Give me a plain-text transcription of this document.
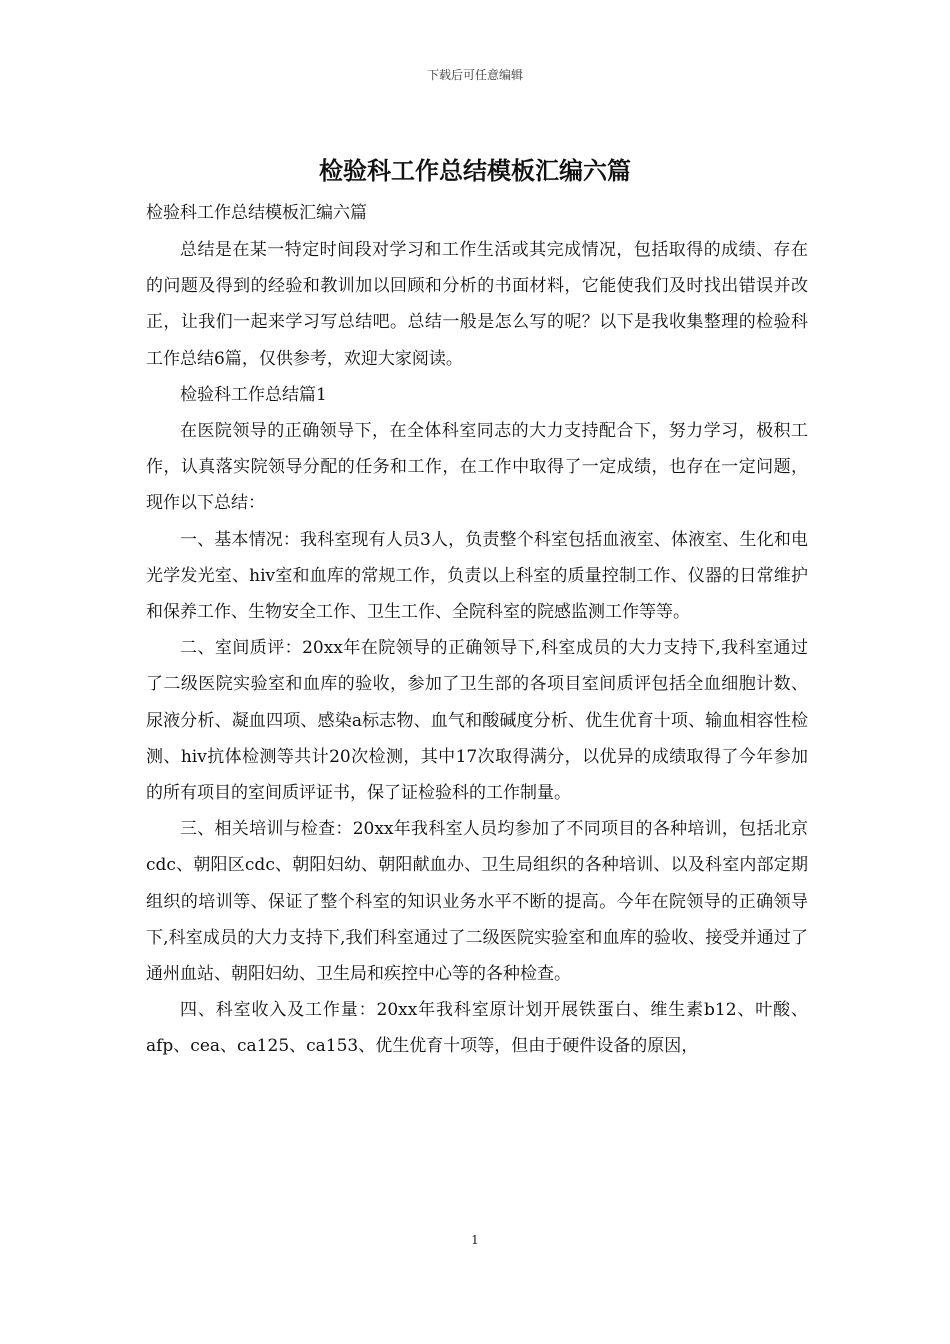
下载后可任意编辑
检验科工作总结模板汇编六篇
检验科工作总结模板汇编六篇

总结是在某一特定时间段对学习和工作生活或其完成情况，包括取得的成绩、存在的问题及得到的经验和教训加以回顾和分析的书面材料，它能使我们及时找出错误并改正，让我们一起来学习写总结吧。总结一般是怎么写的呢？以下是我收集整理的检验科工作总结6篇，仅供参考，欢迎大家阅读。

检验科工作总结篇1

在医院领导的正确领导下，在全体科室同志的大力支持配合下，努力学习，极积工作，认真落实院领导分配的任务和工作，在工作中取得了一定成绩，也存在一定问题，现作以下总结：

一、基本情况：我科室现有人员3人，负责整个科室包括血液室、体液室、生化和电光学发光室、hiv室和血库的常规工作，负责以上科室的质量控制工作、仪器的日常维护和保养工作、生物安全工作、卫生工作、全院科室的院感监测工作等等。

二、室间质评：20xx年在院领导的正确领导下,科室成员的大力支持下,我科室通过了二级医院实验室和血库的验收，参加了卫生部的各项目室间质评包括全血细胞计数、尿液分析、凝血四项、感染a标志物、血气和酸碱度分析、优生优育十项、输血相容性检测、hiv抗体检测等共计20次检测，其中17次取得满分，以优异的成绩取得了今年参加的所有项目的室间质评证书，保了证检验科的工作制量。

三、相关培训与检查：20xx年我科室人员均参加了不同项目的各种培训，包括北京cdc、朝阳区cdc、朝阳妇幼、朝阳献血办、卫生局组织的各种培训、以及科室内部定期组织的培训等、保证了整个科室的知识业务水平不断的提高。今年在院领导的正确领导下,科室成员的大力支持下,我们科室通过了二级医院实验室和血库的验收、接受并通过了通州血站、朝阳妇幼、卫生局和疾控中心等的各种检查。

四、科室收入及工作量：20xx年我科室原计划开展铁蛋白、维生素b12、叶酸、afp、cea、ca125、ca153、优生优育十项等，但由于硬件设备的原因，

1
